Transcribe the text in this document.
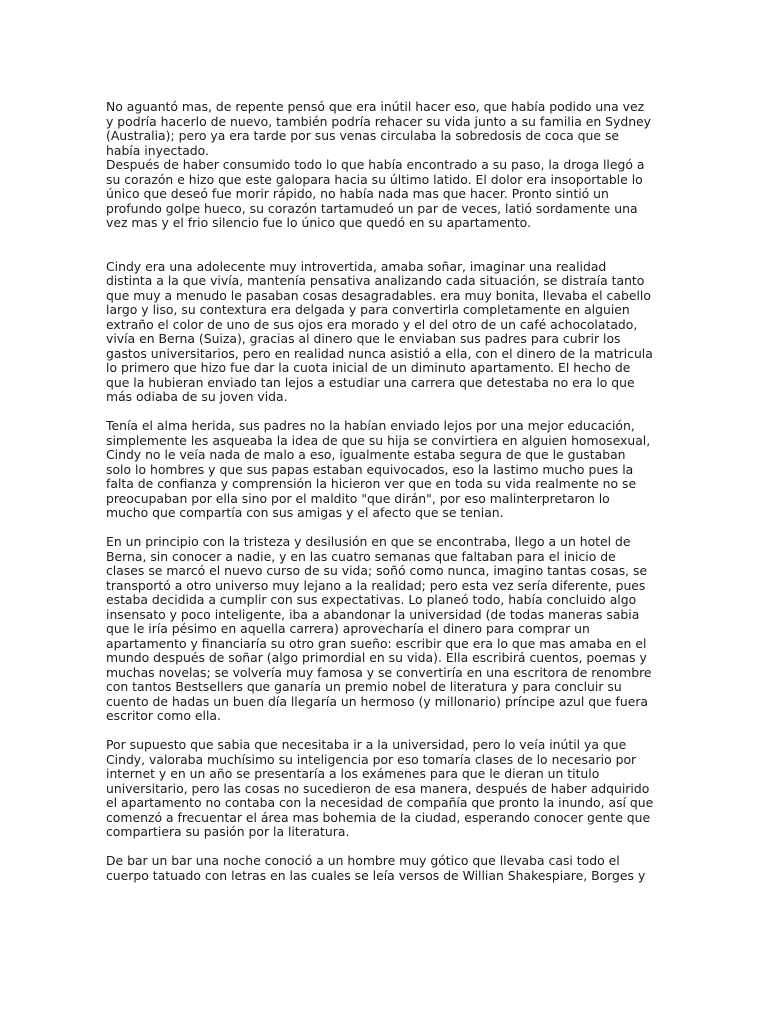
No aguantó mas, de repente pensó que era inútil hacer eso, que había podido una vez
y podría hacerlo de nuevo, también podría rehacer su vida junto a su familia en Sydney
(Australia); pero ya era tarde por sus venas circulaba la sobredosis de coca que se
había inyectado.
Después de haber consumido todo lo que había encontrado a su paso, la droga llegó a
su corazón e hizo que este galopara hacia su último latido. El dolor era insoportable lo
único que deseó fue morir rápido, no había nada mas que hacer. Pronto sintió un
profundo golpe hueco, su corazón tartamudeó un par de veces, latió sordamente una
vez mas y el frio silencio fue lo único que quedó en su apartamento.

Cindy era una adolecente muy introvertida, amaba soñar, imaginar una realidad
distinta a la que vivía, mantenía pensativa analizando cada situación, se distraía tanto
que muy a menudo le pasaban cosas desagradables. era muy bonita, llevaba el cabello
largo y liso, su contextura era delgada y para convertirla completamente en alguien
extraño el color de uno de sus ojos era morado y el del otro de un café achocolatado,
vivía en Berna (Suiza), gracias al dinero que le enviaban sus padres para cubrir los
gastos universitarios, pero en realidad nunca asistió a ella, con el dinero de la matricula
lo primero que hizo fue dar la cuota inicial de un diminuto apartamento. El hecho de
que la hubieran enviado tan lejos a estudiar una carrera que detestaba no era lo que
más odiaba de su joven vida.

Tenía el alma herida, sus padres no la habían enviado lejos por una mejor educación,
simplemente les asqueaba la idea de que su hija se convirtiera en alguien homosexual,
Cindy no le veía nada de malo a eso, igualmente estaba segura de que le gustaban
solo lo hombres y que sus papas estaban equivocados, eso la lastimo mucho pues la
falta de confianza y comprensión la hicieron ver que en toda su vida realmente no se
preocupaban por ella sino por el maldito "que dirán", por eso malinterpretaron lo
mucho que compartía con sus amigas y el afecto que se tenian.

En un principio con la tristeza y desilusión en que se encontraba, llego a un hotel de
Berna, sin conocer a nadie, y en las cuatro semanas que faltaban para el inicio de
clases se marcó el nuevo curso de su vida; soñó como nunca, imagino tantas cosas, se
transportó a otro universo muy lejano a la realidad; pero esta vez sería diferente, pues
estaba decidida a cumplir con sus expectativas. Lo planeó todo, había concluido algo
insensato y poco inteligente, iba a abandonar la universidad (de todas maneras sabia
que le iría pésimo en aquella carrera) aprovecharía el dinero para comprar un
apartamento y financiaría su otro gran sueño: escribir que era lo que mas amaba en el
mundo después de soñar (algo primordial en su vida). Ella escribirá cuentos, poemas y
muchas novelas; se volvería muy famosa y se convertiría en una escritora de renombre
con tantos Bestsellers que ganaría un premio nobel de literatura y para concluir su
cuento de hadas un buen día llegaría un hermoso (y millonario) príncipe azul que fuera
escritor como ella.

Por supuesto que sabia que necesitaba ir a la universidad, pero lo veía inútil ya que
Cindy, valoraba muchísimo su inteligencia por eso tomaría clases de lo necesario por
internet y en un año se presentaría a los exámenes para que le dieran un titulo
universitario, pero las cosas no sucedieron de esa manera, después de haber adquirido
el apartamento no contaba con la necesidad de compañía que pronto la inundo, así que
comenzó a frecuentar el área mas bohemia de la ciudad, esperando conocer gente que
compartiera su pasión por la literatura.

De bar un bar una noche conoció a un hombre muy gótico que llevaba casi todo el
cuerpo tatuado con letras en las cuales se leía versos de Willian Shakespiare, Borges y
